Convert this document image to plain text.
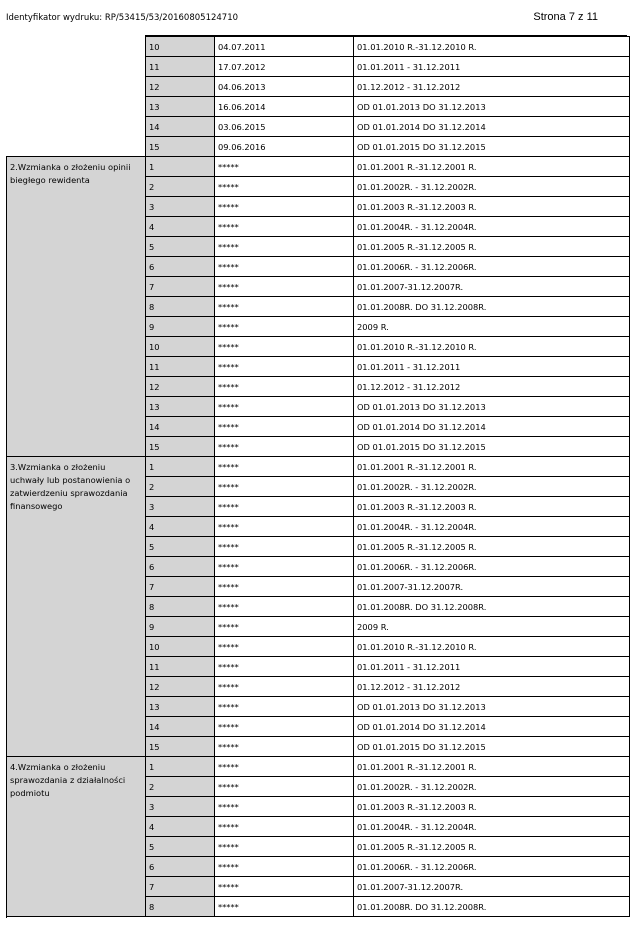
Identyfikator wydruku: RP/53415/53/20160805124710	Strona 7 z 11
	10	04.07.2011	01.01.2010 R.-31.12.2010 R.
	11	17.07.2012	01.01.2011 - 31.12.2011
	12	04.06.2013	01.12.2012 - 31.12.2012
	13	16.06.2014	OD 01.01.2013 DO 31.12.2013
	14	03.06.2015	OD 01.01.2014 DO 31.12.2014
	15	09.06.2016	OD 01.01.2015 DO 31.12.2015
2.Wzmianka o złożeniu opinii biegłego rewidenta	1	*****	01.01.2001 R.-31.12.2001 R.
	2	*****	01.01.2002R. - 31.12.2002R.
	3	*****	01.01.2003 R.-31.12.2003 R.
	4	*****	01.01.2004R. - 31.12.2004R.
	5	*****	01.01.2005 R.-31.12.2005 R.
	6	*****	01.01.2006R. - 31.12.2006R.
	7	*****	01.01.2007-31.12.2007R.
	8	*****	01.01.2008R. DO 31.12.2008R.
	9	*****	2009 R.
	10	*****	01.01.2010 R.-31.12.2010 R.
	11	*****	01.01.2011 - 31.12.2011
	12	*****	01.12.2012 - 31.12.2012
	13	*****	OD 01.01.2013 DO 31.12.2013
	14	*****	OD 01.01.2014 DO 31.12.2014
	15	*****	OD 01.01.2015 DO 31.12.2015
3.Wzmianka o złożeniu uchwały lub postanowienia o zatwierdzeniu sprawozdania finansowego	1	*****	01.01.2001 R.-31.12.2001 R.
	2	*****	01.01.2002R. - 31.12.2002R.
	3	*****	01.01.2003 R.-31.12.2003 R.
	4	*****	01.01.2004R. - 31.12.2004R.
	5	*****	01.01.2005 R.-31.12.2005 R.
	6	*****	01.01.2006R. - 31.12.2006R.
	7	*****	01.01.2007-31.12.2007R.
	8	*****	01.01.2008R. DO 31.12.2008R.
	9	*****	2009 R.
	10	*****	01.01.2010 R.-31.12.2010 R.
	11	*****	01.01.2011 - 31.12.2011
	12	*****	01.12.2012 - 31.12.2012
	13	*****	OD 01.01.2013 DO 31.12.2013
	14	*****	OD 01.01.2014 DO 31.12.2014
	15	*****	OD 01.01.2015 DO 31.12.2015
4.Wzmianka o złożeniu sprawozdania z działalności podmiotu	1	*****	01.01.2001 R.-31.12.2001 R.
	2	*****	01.01.2002R. - 31.12.2002R.
	3	*****	01.01.2003 R.-31.12.2003 R.
	4	*****	01.01.2004R. - 31.12.2004R.
	5	*****	01.01.2005 R.-31.12.2005 R.
	6	*****	01.01.2006R. - 31.12.2006R.
	7	*****	01.01.2007-31.12.2007R.
	8	*****	01.01.2008R. DO 31.12.2008R.
